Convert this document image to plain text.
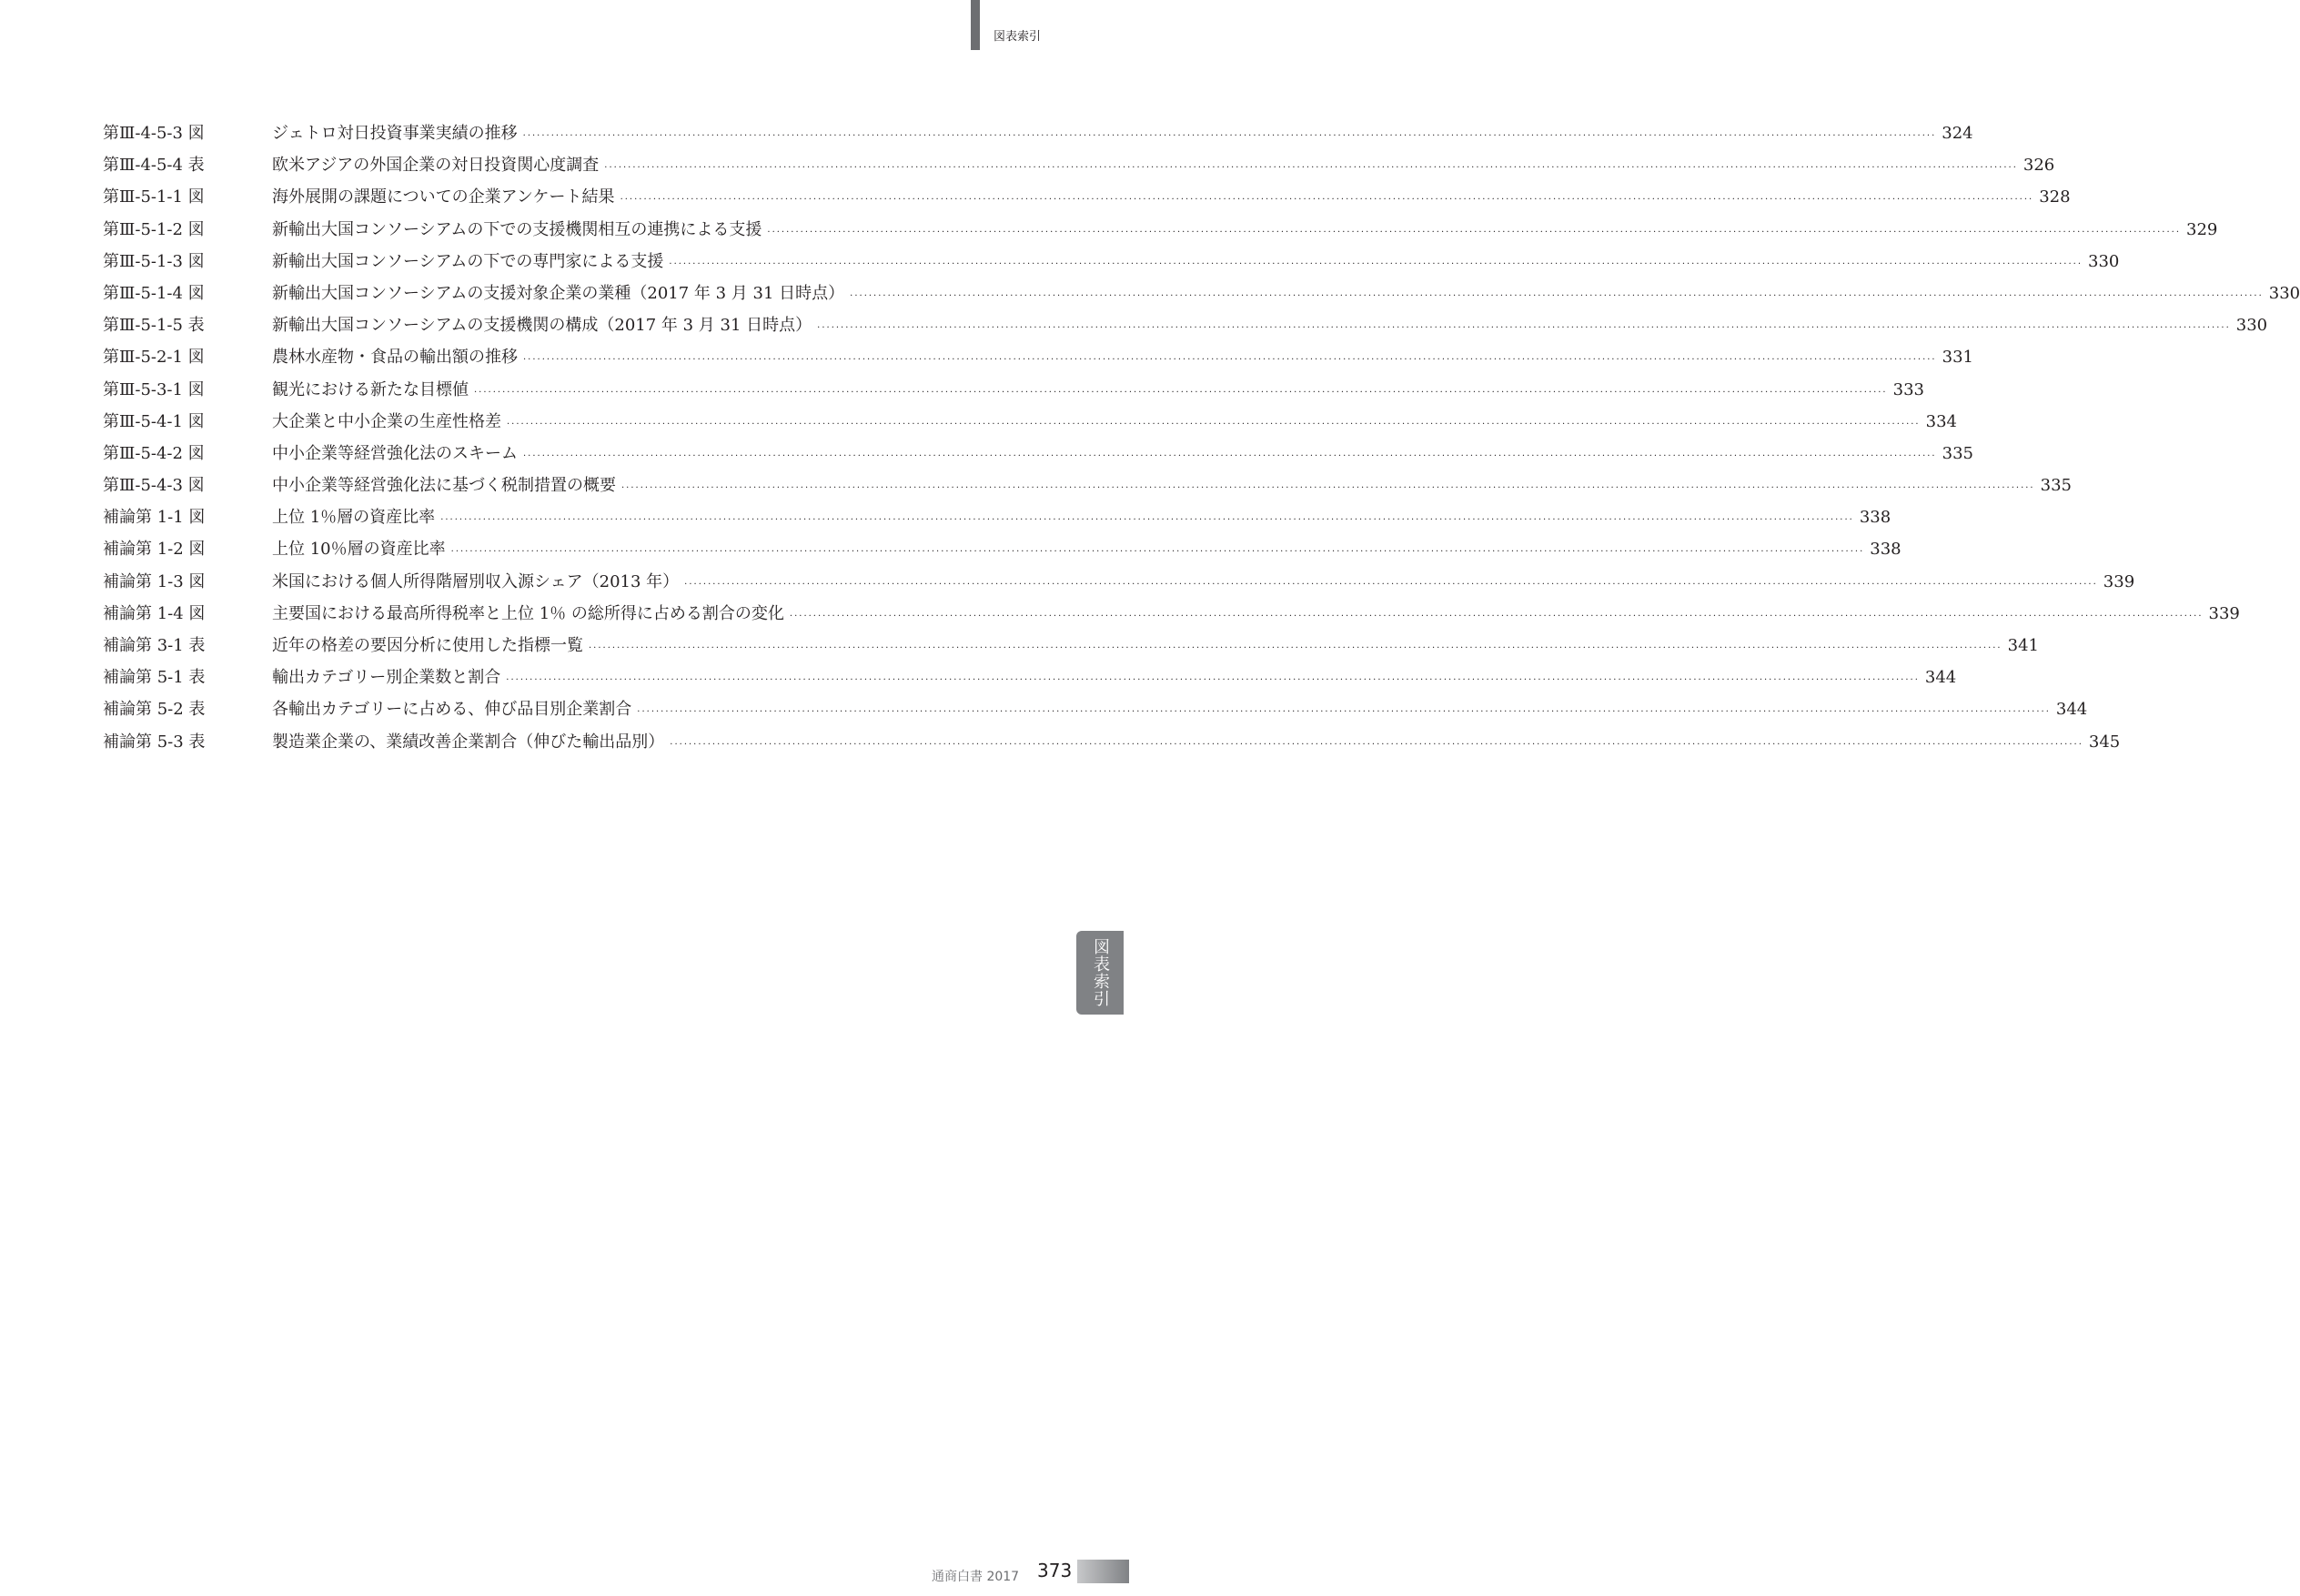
図表索引
第Ⅲ-4-5-3 図	ジェトロ対日投資事業実績の推移 ············································································································································································································································································································ 324
第Ⅲ-4-5-4 表	欧米アジアの外国企業の対日投資関心度調査 ············································································································································································································································································································ 326
第Ⅲ-5-1-1 図	海外展開の課題についての企業アンケート結果 ············································································································································································································································································································ 328
第Ⅲ-5-1-2 図	新輸出大国コンソーシアムの下での支援機関相互の連携による支援 ············································································································································································································································································································ 329
第Ⅲ-5-1-3 図	新輸出大国コンソーシアムの下での専門家による支援 ············································································································································································································································································································ 330
第Ⅲ-5-1-4 図	新輸出大国コンソーシアムの支援対象企業の業種（2017 年 3 月 31 日時点） ············································································································································································································································································································ 330
第Ⅲ-5-1-5 表	新輸出大国コンソーシアムの支援機関の構成（2017 年 3 月 31 日時点） ············································································································································································································································································································ 330
第Ⅲ-5-2-1 図	農林水産物・食品の輸出額の推移 ············································································································································································································································································································ 331
第Ⅲ-5-3-1 図	観光における新たな目標値 ············································································································································································································································································································ 333
第Ⅲ-5-4-1 図	大企業と中小企業の生産性格差 ············································································································································································································································································································ 334
第Ⅲ-5-4-2 図	中小企業等経営強化法のスキーム ············································································································································································································································································································ 335
第Ⅲ-5-4-3 図	中小企業等経営強化法に基づく税制措置の概要 ············································································································································································································································································································ 335
補論第 1-1 図	上位 1％層の資産比率 ············································································································································································································································································································ 338
補論第 1-2 図	上位 10％層の資産比率 ············································································································································································································································································································ 338
補論第 1-3 図	米国における個人所得階層別収入源シェア（2013 年） ············································································································································································································································································································ 339
補論第 1-4 図	主要国における最高所得税率と上位 1％ の総所得に占める割合の変化 ············································································································································································································································································································ 339
補論第 3-1 表	近年の格差の要因分析に使用した指標一覧 ············································································································································································································································································································ 341
補論第 5-1 表	輸出カテゴリー別企業数と割合 ············································································································································································································································································································ 344
補論第 5-2 表	各輸出カテゴリーに占める、伸び品目別企業割合 ············································································································································································································································································································ 344
補論第 5-3 表	製造業企業の、業績改善企業割合（伸びた輸出品別） ············································································································································································································································································································ 345
図表索引
通商白書 2017 373
